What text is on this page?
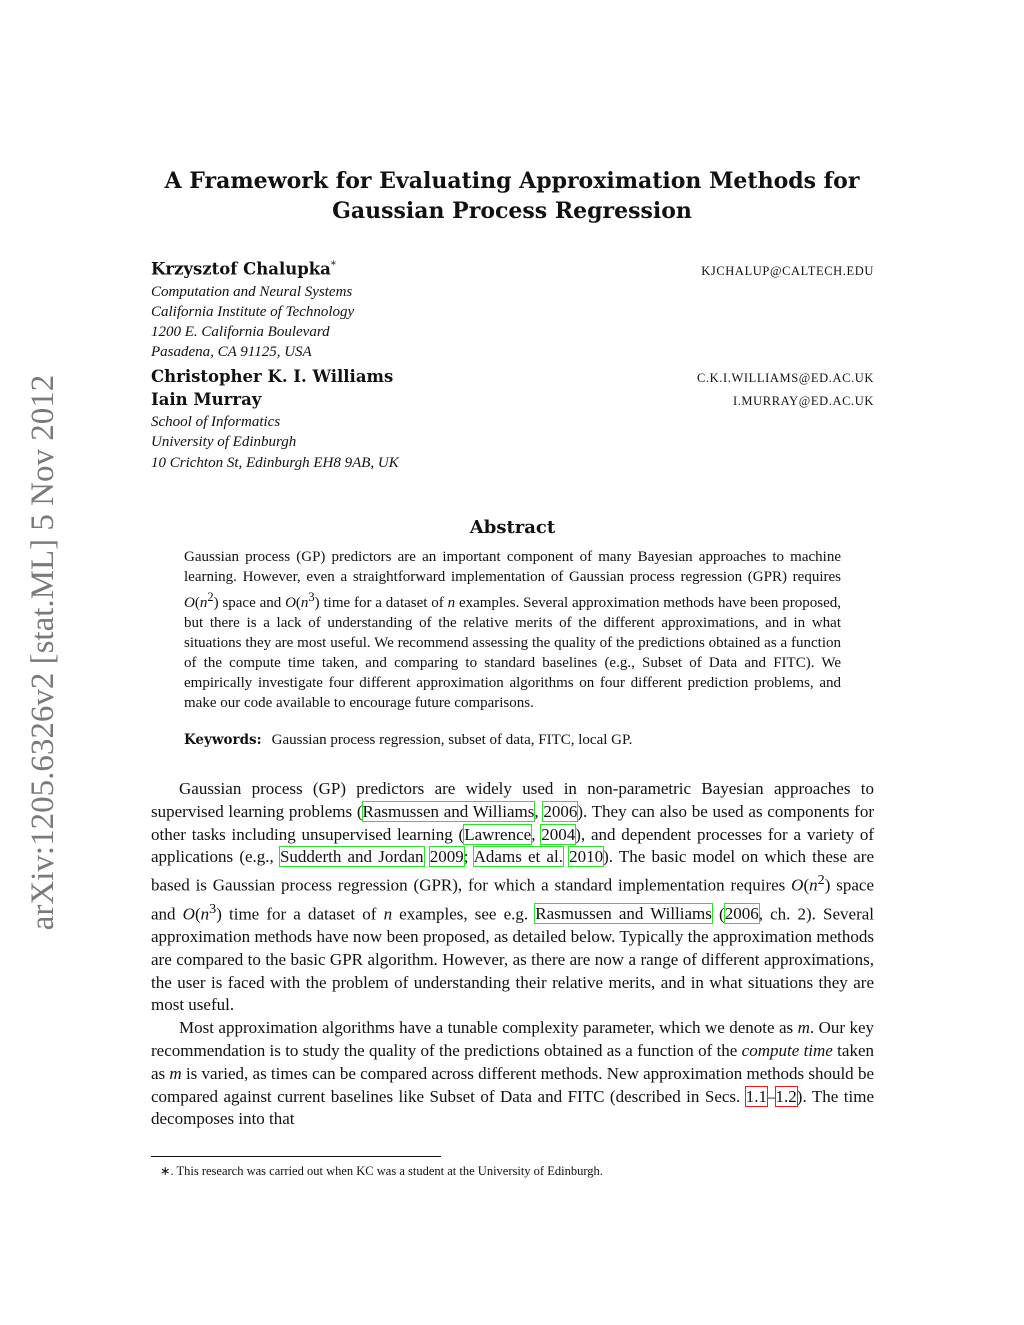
arXiv:1205.6326v2 [stat.ML] 5 Nov 2012
A Framework for Evaluating Approximation Methods for
Gaussian Process Regression
Krzysztof Chalupka*	KJCHALUP@CALTECH.EDU
Computation and Neural Systems
California Institute of Technology
1200 E. California Boulevard
Pasadena, CA 91125, USA
Christopher K. I. Williams	C.K.I.WILLIAMS@ED.AC.UK
Iain Murray	I.MURRAY@ED.AC.UK
School of Informatics
University of Edinburgh
10 Crichton St, Edinburgh EH8 9AB, UK
Abstract
Gaussian process (GP) predictors are an important component of many Bayesian approaches to machine learning. However, even a straightforward implementation of Gaussian process regression (GPR) requires $O(n^2)$ space and $O(n^3)$ time for a dataset of n examples. Several approximation methods have been proposed, but there is a lack of understanding of the relative merits of the different approximations, and in what situations they are most useful. We recommend assessing the quality of the predictions obtained as a function of the compute time taken, and comparing to standard baselines (e.g., Subset of Data and FITC). We empirically investigate four different approximation algorithms on four different prediction problems, and make our code available to encourage future comparisons.
Keywords: Gaussian process regression, subset of data, FITC, local GP.

Gaussian process (GP) predictors are widely used in non-parametric Bayesian approaches to supervised learning problems (Rasmussen and Williams, 2006). They can also be used as components for other tasks including unsupervised learning (Lawrence, 2004), and dependent processes for a variety of applications (e.g., Sudderth and Jordan 2009; Adams et al. 2010). The basic model on which these are based is Gaussian process regression (GPR), for which a standard implementation requires $O(n^2)$ space and $O(n^3)$ time for a dataset of n examples, see e.g. Rasmussen and Williams (2006, ch. 2). Several approximation methods have now been proposed, as detailed below. Typically the approximation methods are compared to the basic GPR algorithm. However, as there are now a range of different approximations, the user is faced with the problem of understanding their relative merits, and in what situations they are most useful.

Most approximation algorithms have a tunable complexity parameter, which we denote as m. Our key recommendation is to study the quality of the predictions obtained as a function of the compute time taken as m is varied, as times can be compared across different methods. New approximation methods should be compared against current baselines like Subset of Data and FITC (described in Secs. 1.1–1.2). The time decomposes into that

∗. This research was carried out when KC was a student at the University of Edinburgh.
